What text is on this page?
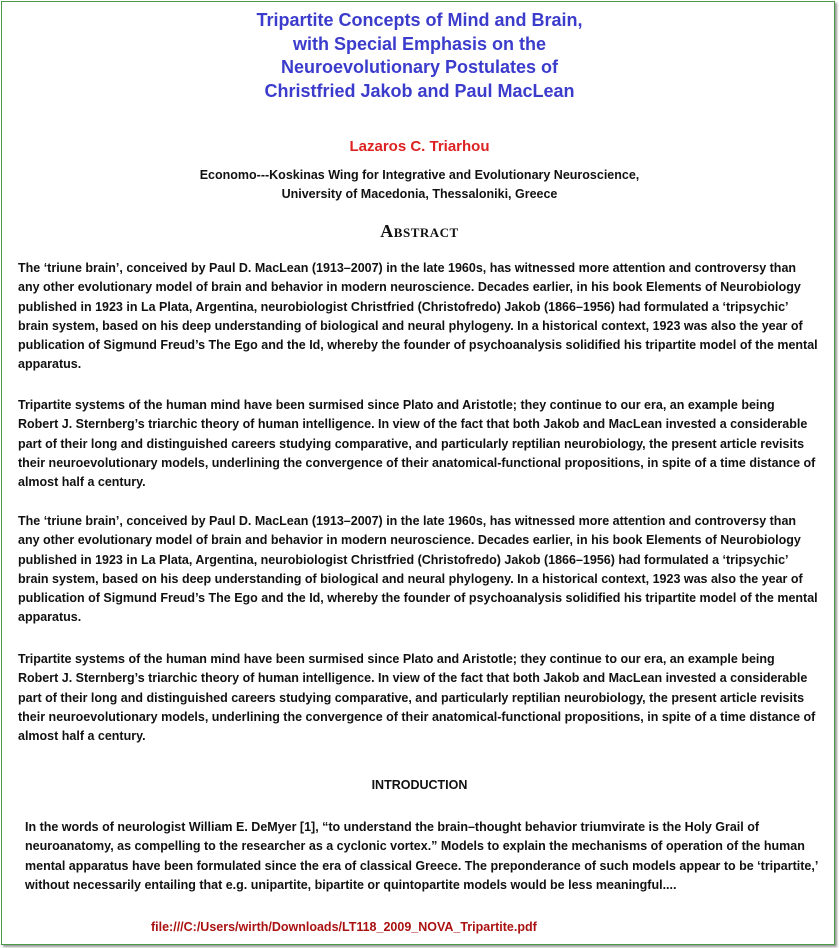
Tripartite Concepts of Mind and Brain,
with Special Emphasis on the
Neuroevolutionary Postulates of
Christfried Jakob and Paul MacLean
Lazaros C. Triarhou
Economo---Koskinas Wing for Integrative and Evolutionary Neuroscience,
University of Macedonia, Thessaloniki, Greece
Abstract

The ‘triune brain’, conceived by Paul D. MacLean (1913–2007) in the late 1960s, has witnessed more attention and controversy than any other evolutionary model of brain and behavior in modern neuroscience. Decades earlier, in his book Elements of Neurobiology published in 1923 in La Plata, Argentina, neurobiologist Christfried (Christofredo) Jakob (1866–1956) had formulated a ‘tripsychic’ brain system, based on his deep understanding of biological and neural phylogeny. In a historical context, 1923 was also the year of publication of Sigmund Freud’s The Ego and the Id, whereby the founder of psychoanalysis solidified his tripartite model of the mental apparatus.

Tripartite systems of the human mind have been surmised since Plato and Aristotle; they continue to our era, an example being Robert J. Sternberg’s triarchic theory of human intelligence. In view of the fact that both Jakob and MacLean invested a considerable part of their long and distinguished careers studying comparative, and particularly reptilian neurobiology, the present article revisits their neuroevolutionary models, underlining the convergence of their anatomical-functional propositions, in spite of a time distance of almost half a century.

The ‘triune brain’, conceived by Paul D. MacLean (1913–2007) in the late 1960s, has witnessed more attention and controversy than any other evolutionary model of brain and behavior in modern neuroscience. Decades earlier, in his book Elements of Neurobiology published in 1923 in La Plata, Argentina, neurobiologist Christfried (Christofredo) Jakob (1866–1956) had formulated a ‘tripsychic’ brain system, based on his deep understanding of biological and neural phylogeny. In a historical context, 1923 was also the year of publication of Sigmund Freud’s The Ego and the Id, whereby the founder of psychoanalysis solidified his tripartite model of the mental apparatus.

Tripartite systems of the human mind have been surmised since Plato and Aristotle; they continue to our era, an example being Robert J. Sternberg’s triarchic theory of human intelligence. In view of the fact that both Jakob and MacLean invested a considerable part of their long and distinguished careers studying comparative, and particularly reptilian neurobiology, the present article revisits their neuroevolutionary models, underlining the convergence of their anatomical-functional propositions, in spite of a time distance of almost half a century.

INTRODUCTION

In the words of neurologist William E. DeMyer [1], “to understand the brain–thought behavior triumvirate is the Holy Grail of neuroanatomy, as compelling to the researcher as a cyclonic vortex.” Models to explain the mechanisms of operation of the human mental apparatus have been formulated since the era of classical Greece. The preponderance of such models appear to be ‘tripartite,’ without necessarily entailing that e.g. unipartite, bipartite or quintopartite models would be less meaningful....

file:///C:/Users/wirth/Downloads/LT118_2009_NOVA_Tripartite.pdf
